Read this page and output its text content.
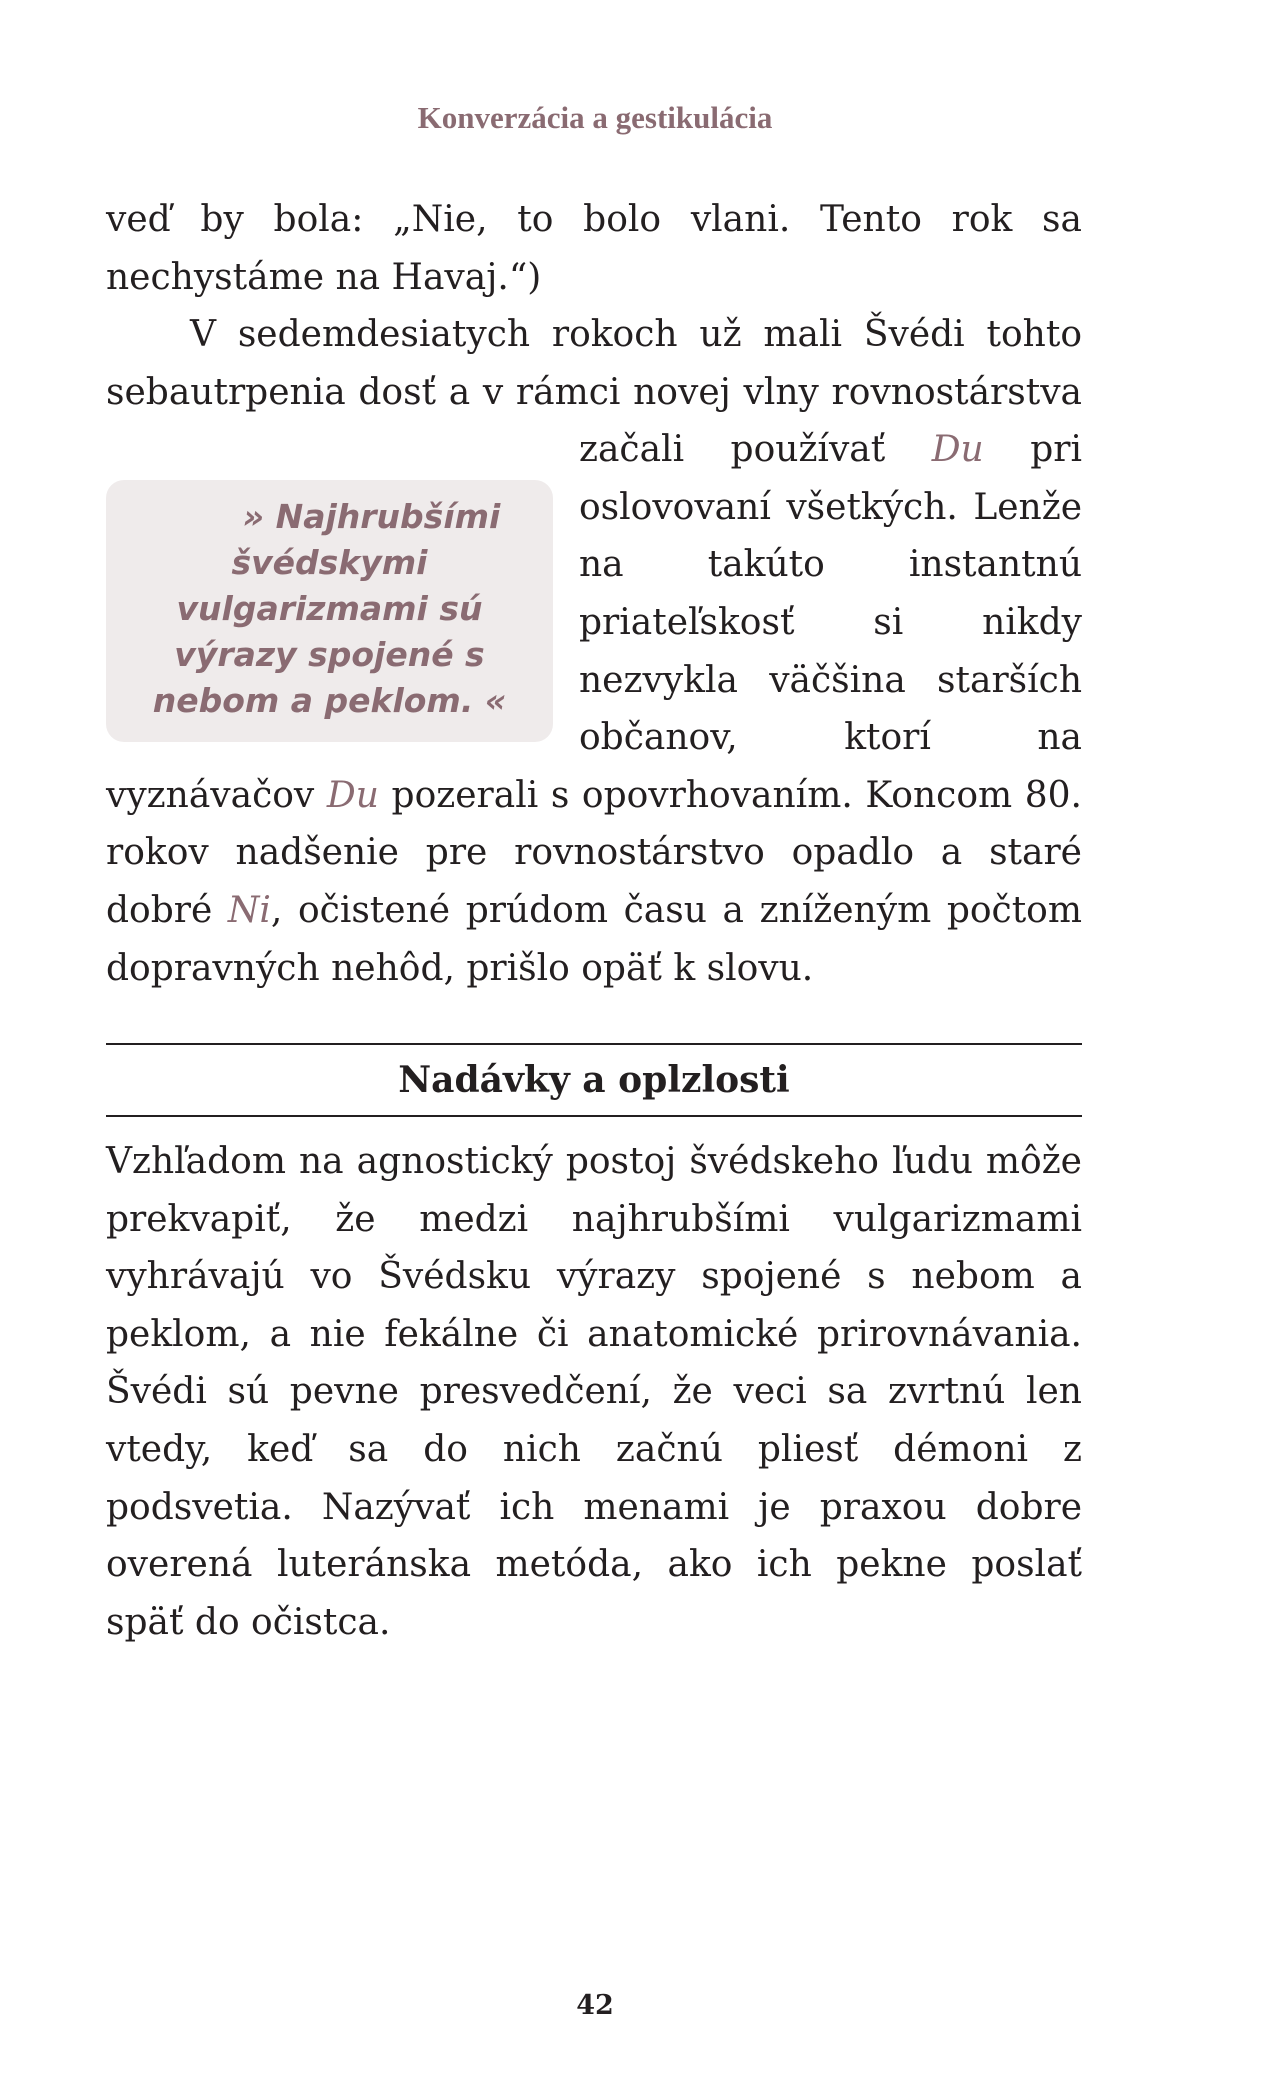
Konverzácia a gestikulácia

veď by bola: „Nie, to bolo vlani. Tento rok sa nechystáme na Havaj.“)

» Najhrubšími švédskymi vulgarizmami sú výrazy spojené s nebom a peklom. «

V sedemdesiatych rokoch už mali Švédi tohto sebautrpenia dosť a v rámci novej vlny rovnostárstva začali používať Du pri oslovovaní všetkých. Lenže na takúto instantnú priateľskosť si nikdy nezvykla väčšina starších občanov, ktorí na vyznávačov Du pozerali s opovrhovaním. Koncom 80. rokov nadšenie pre rovnostárstvo opadlo a staré dobré Ni, očistené prúdom času a zníženým počtom dopravných nehôd, prišlo opäť k slovu.

Nadávky a oplzlosti

Vzhľadom na agnostický postoj švédskeho ľudu môže prekvapiť, že medzi najhrubšími vulgarizmami vyhrávajú vo Švédsku výrazy spojené s nebom a peklom, a nie fekálne či anatomické prirovnávania. Švédi sú pevne presvedčení, že veci sa zvrtnú len vtedy, keď sa do nich začnú pliesť démoni z podsvetia. Nazývať ich menami je praxou dobre overená luteránska metóda, ako ich pekne poslať späť do očistca.

42
